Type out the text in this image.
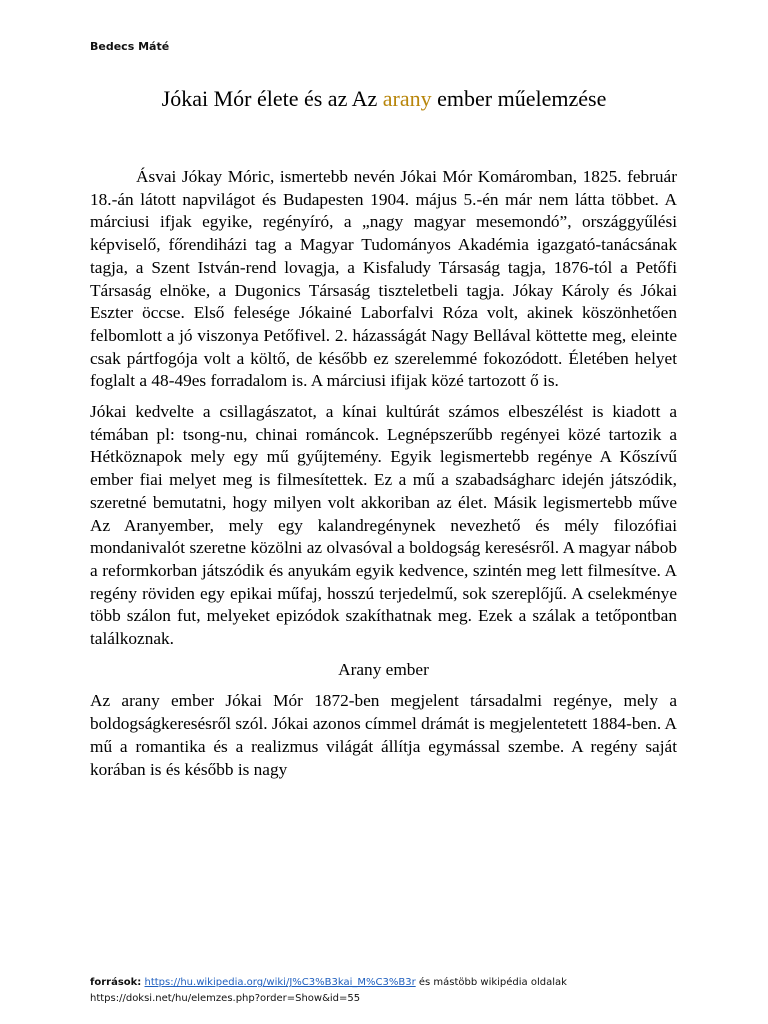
Bedecs Máté
Jókai Mór élete és az Az arany ember műelemzése

Ásvai Jókay Móric, ismertebb nevén Jókai Mór Komáromban, 1825. február 18.-án látott napvilágot és Budapesten 1904. május 5.-én már nem látta többet. A márciusi ifjak egyike, regényíró, a „nagy magyar mesemondó”, országgyűlési képviselő, főrendiházi tag a Magyar Tudományos Akadémia igazgató-tanácsának tagja, a Szent István-rend lovagja, a Kisfaludy Társaság tagja, 1876-tól a Petőfi Társaság elnöke, a Dugonics Társaság tiszteletbeli tagja. Jókay Károly és Jókai Eszter öccse. Első felesége Jókainé Laborfalvi Róza volt, akinek köszönhetően felbomlott a jó viszonya Petőfivel. 2. házasságát Nagy Bellával köttette meg, eleinte csak pártfogója volt a költő, de később ez szerelemmé fokozódott. Életében helyet foglalt a 48-49es forradalom is. A márciusi ifijak közé tartozott ő is.

Jókai kedvelte a csillagászatot, a kínai kultúrát számos elbeszélést is kiadott a témában pl: tsong-nu, chinai románcok. Legnépszerűbb regényei közé tartozik a Hétköznapok mely egy mű gyűjtemény. Egyik legismertebb regénye A Kőszívű ember fiai melyet meg is filmesítettek. Ez a mű a szabadságharc idején játszódik, szeretné bemutatni, hogy milyen volt akkoriban az élet. Másik legismertebb műve Az Aranyember, mely egy kalandregénynek nevezhető és mély filozófiai mondanivalót szeretne közölni az olvasóval a boldogság keresésről. A magyar nábob a reformkorban játszódik és anyukám egyik kedvence, szintén meg lett filmesítve. A regény röviden egy epikai műfaj, hosszú terjedelmű, sok szereplőjű. A cselekménye több szálon fut, melyeket epizódok szakíthatnak meg. Ezek a szálak a tetőpontban találkoznak.

Arany ember

Az arany ember Jókai Mór 1872-ben megjelent társadalmi regénye, mely a boldogságkeresésről szól. Jókai azonos címmel drámát is megjelentetett 1884-ben. A mű a romantika és a realizmus világát állítja egymással szembe. A regény saját korában is és később is nagy

források: https://hu.wikipedia.org/wiki/J%C3%B3kai_M%C3%B3r és mástöbb wikipédia oldalak
https://doksi.net/hu/elemzes.php?order=Show&id=55
